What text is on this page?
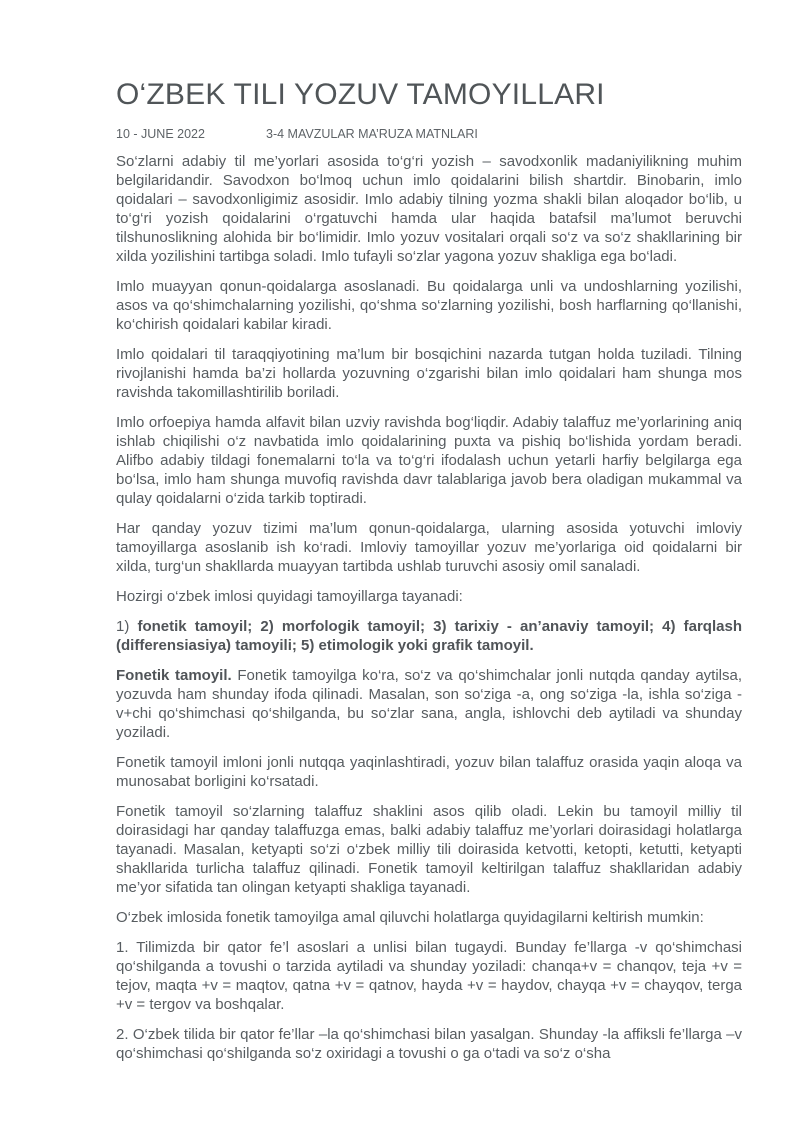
O‘ZBEK TILI YOZUV TAMOYILLARI
10 - JUNE 2022	3-4 MAVZULAR MA’RUZA MATNLARI

So‘zlarni adabiy til me’yorlari asosida to‘g‘ri yozish – savodxonlik madaniyilikning muhim belgilaridandir. Savodxon bo‘lmoq uchun imlo qoidalarini bilish shartdir. Binobarin, imlo qoidalari – savodxonligimiz asosidir. Imlo adabiy tilning yozma shakli bilan aloqador bo‘lib, u to‘g‘ri yozish qoidalarini o‘rgatuvchi hamda ular haqida batafsil ma’lumot beruvchi tilshunoslikning alohida bir bo‘limidir. Imlo yozuv vositalari orqali so‘z va so‘z shakllarining bir xilda yozilishini tartibga soladi. Imlo tufayli so‘zlar yagona yozuv shakliga ega bo‘ladi.

Imlo muayyan qonun-qoidalarga asoslanadi. Bu qoidalarga unli va undoshlarning yozilishi, asos va qo‘shimchalarning yozilishi, qo‘shma so‘zlarning yozilishi, bosh harflarning qo‘llanishi, ko‘chirish qoidalari kabilar kiradi.

Imlo qoidalari til taraqqiyotining ma’lum bir bosqichini nazarda tutgan holda tuziladi. Tilning rivojlanishi hamda ba’zi hollarda yozuvning o‘zgarishi bilan imlo qoidalari ham shunga mos ravishda takomillashtirilib boriladi.

Imlo orfoepiya hamda alfavit bilan uzviy ravishda bog‘liqdir. Adabiy talaffuz me’yorlarining aniq ishlab chiqilishi o‘z navbatida imlo qoidalarining puxta va pishiq bo‘lishida yordam beradi. Alifbo adabiy tildagi fonemalarni to‘la va to‘g‘ri ifodalash uchun yetarli harfiy belgilarga ega bo‘lsa, imlo ham shunga muvofiq ravishda davr talablariga javob bera oladigan mukammal va qulay qoidalarni o‘zida tarkib toptiradi.

Har qanday yozuv tizimi ma’lum qonun-qoidalarga, ularning asosida yotuvchi imloviy tamoyillarga asoslanib ish ko‘radi. Imloviy tamoyillar yozuv me’yorlariga oid qoidalarni bir xilda, turg‘un shakllarda muayyan tartibda ushlab turuvchi asosiy omil sanaladi.

Hozirgi o‘zbek imlosi quyidagi tamoyillarga tayanadi:

1) fonetik tamoyil; 2) morfologik tamoyil; 3) tarixiy - an’anaviy tamoyil; 4) farqlash (differensiasiya) tamoyili; 5) etimologik yoki grafik tamoyil.

Fonetik tamoyil. Fonetik tamoyilga ko‘ra, so‘z va qo‘shimchalar jonli nutqda qanday aytilsa, yozuvda ham shunday ifoda qilinadi. Masalan, son so‘ziga -a, ong so‘ziga -la, ishla so‘ziga -v+chi qo‘shimchasi qo‘shilganda, bu so‘zlar sana, angla, ishlovchi deb aytiladi va shunday yoziladi.

Fonetik tamoyil imloni jonli nutqqa yaqinlashtiradi, yozuv bilan talaffuz orasida yaqin aloqa va munosabat borligini ko‘rsatadi.

Fonetik tamoyil so‘zlarning talaffuz shaklini asos qilib oladi. Lekin bu tamoyil milliy til doirasidagi har qanday talaffuzga emas, balki adabiy talaffuz me’yorlari doirasidagi holatlarga tayanadi. Masalan, ketyapti so‘zi o‘zbek milliy tili doirasida ketvotti, ketopti, ketutti, ketyapti shakllarida turlicha talaffuz qilinadi. Fonetik tamoyil keltirilgan talaffuz shakllaridan adabiy me’yor sifatida tan olingan ketyapti shakliga tayanadi.

O‘zbek imlosida fonetik tamoyilga amal qiluvchi holatlarga quyidagilarni keltirish mumkin:

1. Tilimizda bir qator fe’l asoslari a unlisi bilan tugaydi. Bunday fe’llarga -v qo‘shimchasi qo‘shilganda a tovushi o tarzida aytiladi va shunday yoziladi: chanqa+v = chanqov, teja +v = tejov, maqta +v = maqtov, qatna +v = qatnov, hayda +v = haydov, chayqa +v = chayqov, terga +v = tergov va boshqalar.

2. O‘zbek tilida bir qator fe’llar –la qo‘shimchasi bilan yasalgan. Shunday -la affiksli fe’llarga –v qo‘shimchasi qo‘shilganda so‘z oxiridagi a tovushi o ga o‘tadi va so‘z o‘sha
